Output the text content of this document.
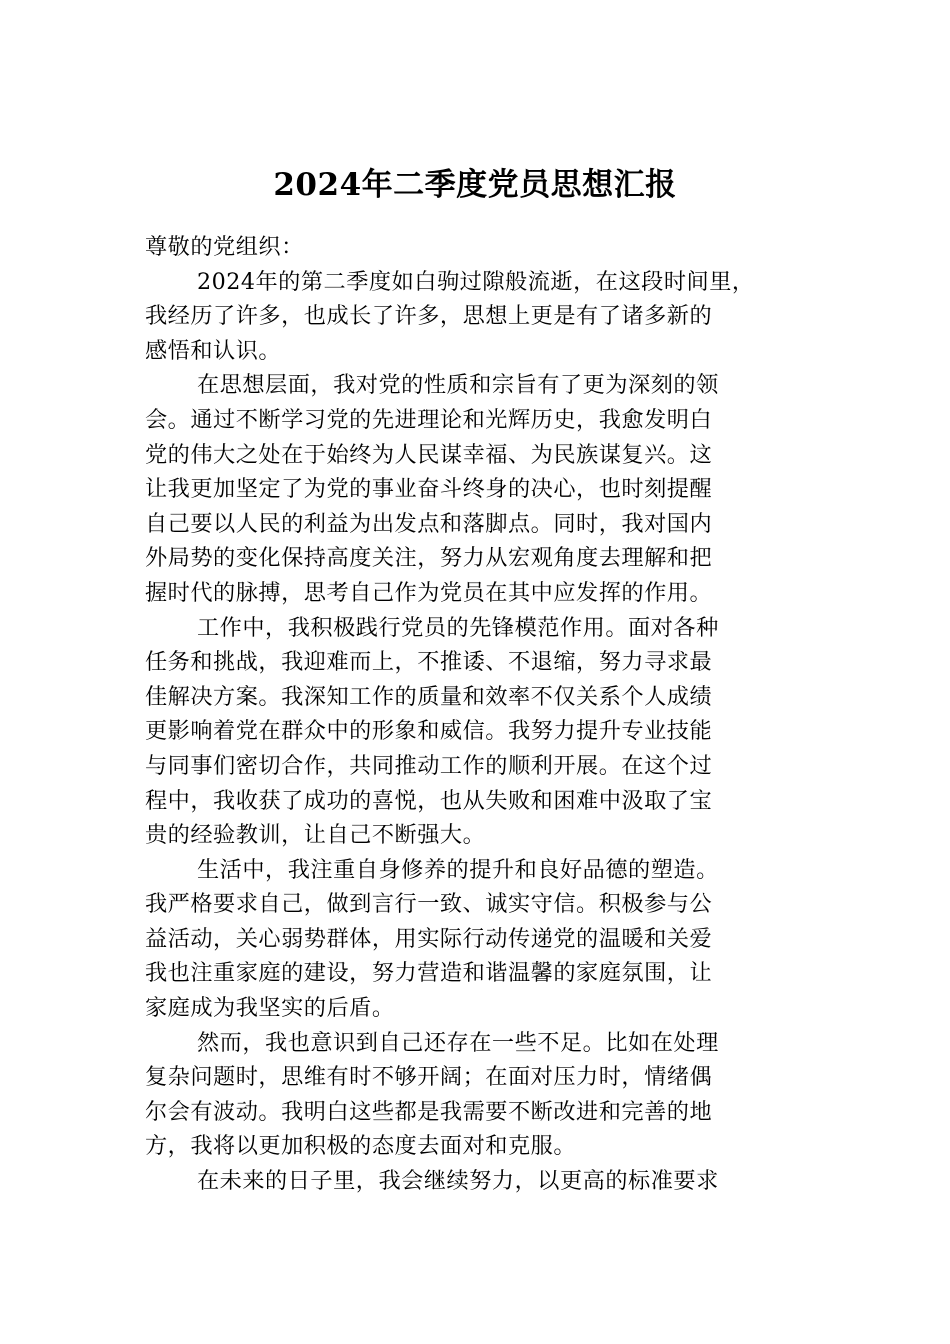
2024年二季度党员思想汇报
尊敬的党组织：
2024年的第二季度如白驹过隙般流逝，在这段时间里，
我经历了许多，也成长了许多，思想上更是有了诸多新的
感悟和认识。
在思想层面，我对党的性质和宗旨有了更为深刻的领
会。通过不断学习党的先进理论和光辉历史，我愈发明白
党的伟大之处在于始终为人民谋幸福、为民族谋复兴。这
让我更加坚定了为党的事业奋斗终身的决心，也时刻提醒
自己要以人民的利益为出发点和落脚点。同时，我对国内
外局势的变化保持高度关注，努力从宏观角度去理解和把
握时代的脉搏，思考自己作为党员在其中应发挥的作用。
工作中，我积极践行党员的先锋模范作用。面对各种
任务和挑战，我迎难而上，不推诿、不退缩，努力寻求最
佳解决方案。我深知工作的质量和效率不仅关系个人成绩
更影响着党在群众中的形象和威信。我努力提升专业技能
与同事们密切合作，共同推动工作的顺利开展。在这个过
程中，我收获了成功的喜悦，也从失败和困难中汲取了宝
贵的经验教训，让自己不断强大。
生活中，我注重自身修养的提升和良好品德的塑造。
我严格要求自己，做到言行一致、诚实守信。积极参与公
益活动，关心弱势群体，用实际行动传递党的温暖和关爱
我也注重家庭的建设，努力营造和谐温馨的家庭氛围，让
家庭成为我坚实的后盾。
然而，我也意识到自己还存在一些不足。比如在处理
复杂问题时，思维有时不够开阔；在面对压力时，情绪偶
尔会有波动。我明白这些都是我需要不断改进和完善的地
方，我将以更加积极的态度去面对和克服。
在未来的日子里，我会继续努力，以更高的标准要求
